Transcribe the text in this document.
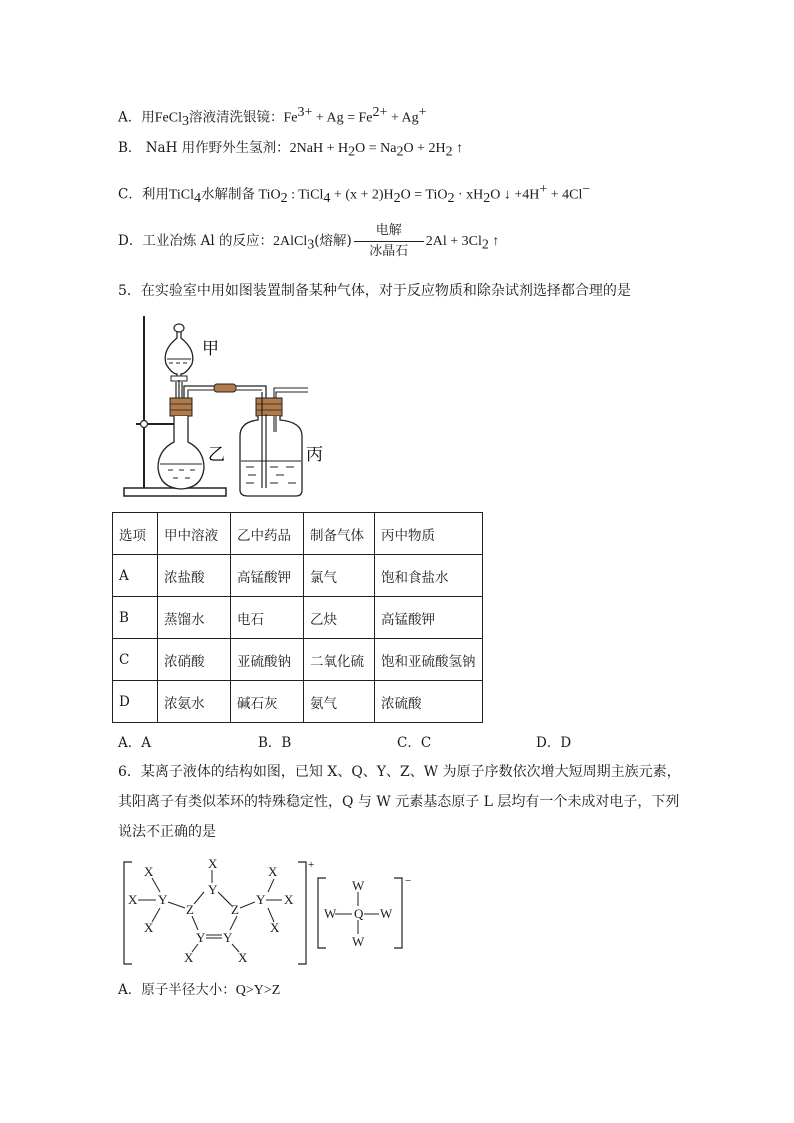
A．用FeCl$_3$溶液清洗银镜：$Fe^{3+} + Ag = Fe^{2+} + Ag^+$
B． NaH 用作野外生氢剂：$2NaH + H_2O = Na_2O + 2H_2$ ↑
C．利用TiCl$_4$水解制备 TiO$_2$ : TiCl$_4$ + $(x + 2)H_2O = TiO_2 \cdot xH_2O$ ↓ +4H+ + 4Cl−
D．工业冶炼 Al 的反应：2AlCl$_3$(熔解) $\frac{\text{电解}}{\text{冰晶石}} 2Al + 3Cl_2$ ↑
5．在实验室中用如图装置制备某种气体，对于反应物质和除杂试剂选择都合理的是
甲
乙	丙
选项	甲中溶液	乙中药品	制备气体	丙中物质
A	浓盐酸	高锰酸钾	氯气	饱和食盐水
B	蒸馏水	电石	乙炔	高锰酸钾
C	浓硝酸	亚硫酸钠	二氧化硫	饱和亚硫酸氢钠
D	浓氨水	碱石灰	氨气	浓硫酸
A．A	B．B	C．C	D．D
6．某离子液体的结构如图，已知 X、Q、Y、Z、W 为原子序数依次增大短周期主族元素，
其阳离子有类似苯环的特殊稳定性，Q 与 W 元素基态原子 L 层均有一个未成对电子，下列
说法不正确的是
+
−
X
X Y
X
X
Y
Z	Z
Y Y
X	X
X
Y X
X
W
W Q W
W
A．原子半径大小：Q>Y>Z
